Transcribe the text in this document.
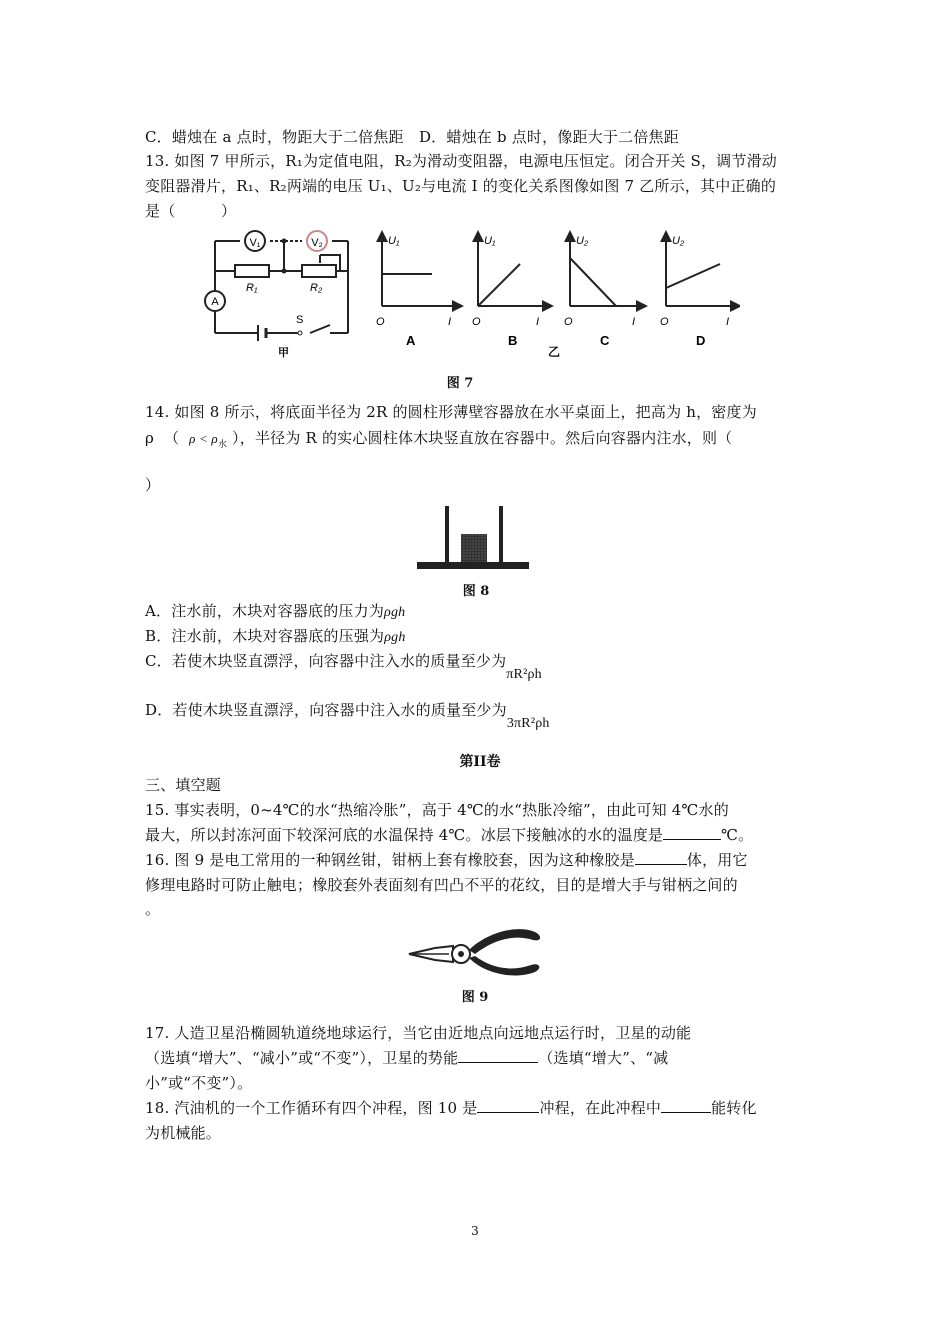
C．蜡烛在 a 点时，物距大于二倍焦距　D．蜡烛在 b 点时，像距大于二倍焦距
13. 如图 7 甲所示，R₁为定值电阻，R₂为滑动变阻器，电源电压恒定。闭合开关 S，调节滑动
变阻器滑片，R₁、R₂两端的电压 U₁、U₂与电流 I 的变化关系图像如图 7 乙所示，其中正确的
是（　　　）
V₁	V₂
A
R₁	R₂
S
甲
U₁
O	I
A
U₁
O	I
B
乙
U₂
O	I
C
U₂
O	I
D
图 7
14. 如图 8 所示，将底面半径为 2R 的圆柱形薄壁容器放在水平桌面上，把高为 h，密度为
ρ （ $\rho < \rho_水$ ），半径为 R 的实心圆柱体木块竖直放在容器中。然后向容器内注水，则（
）
图 8
A．注水前，木块对容器底的压力为ρgh
B．注水前，木块对容器底的压强为ρgh
C．若使木块竖直漂浮，向容器中注入水的质量至少为πR²ρh
D．若使木块竖直漂浮，向容器中注入水的质量至少为3πR²ρh
第II卷
三、填空题
15. 事实表明，0~4℃的水“热缩冷胀”，高于 4℃的水“热胀冷缩”，由此可知 4℃水的
最大，所以封冻河面下较深河底的水温保持 4℃。冰层下接触冰的水的温度是	℃。
16. 图 9 是电工常用的一种钢丝钳，钳柄上套有橡胶套，因为这种橡胶是	体，用它
修理电路时可防止触电；橡胶套外表面刻有凹凸不平的花纹，目的是增大手与钳柄之间的
。
图 9
17. 人造卫星沿椭圆轨道绕地球运行，当它由近地点向远地点运行时，卫星的动能
（选填“增大”、“减小”或“不变”），卫星的势能	（选填“增大”、“减
小”或“不变”）。
18. 汽油机的一个工作循环有四个冲程，图 10 是	冲程，在此冲程中	能转化
为机械能。
3
